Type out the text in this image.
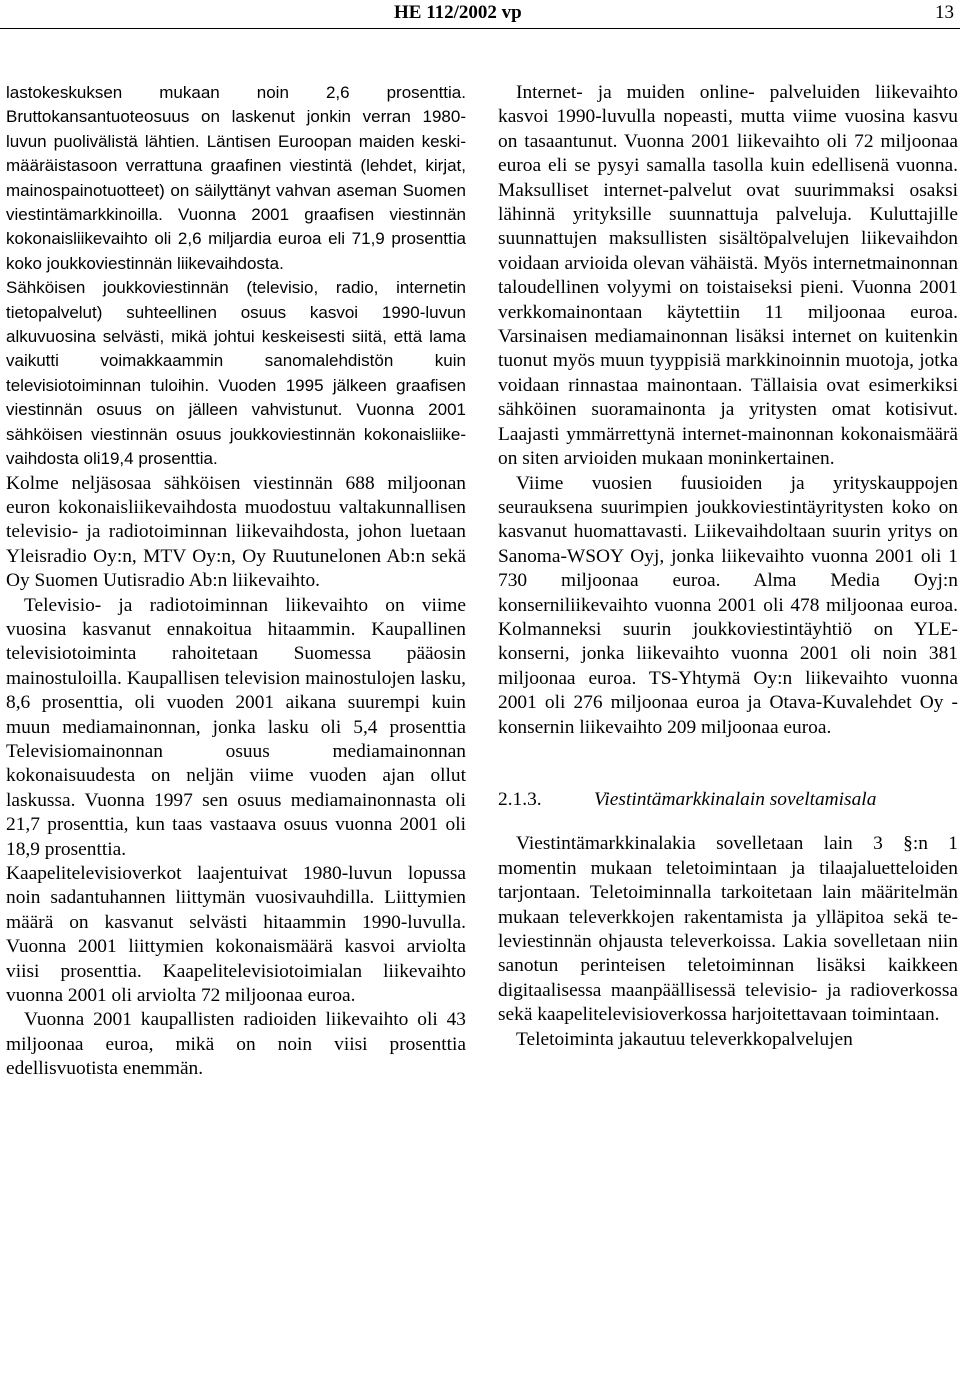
HE 112/2002 vp	13

lastokeskuksen mukaan noin 2,6 prosenttia. Bruttokansantuoteosuus on laskenut jonkin verran 1980-luvun puolivälistä lähtien. Läntisen Euroopan maiden keskimääräistasoon verrattuna graafinen viestintä (lehdet, kirjat, mainospainotuotteet) on säilyttänyt vahvan aseman Suomen viestintämarkkinoilla. Vuonna 2001 graafisen viestinnän kokonaisliikevaihto oli 2,6 miljardia euroa eli 71,9 prosenttia koko joukkoviestinnän liikevaihdosta.

Sähköisen joukkoviestinnän (televisio, radio, internetin tietopalvelut) suhteellinen osuus kasvoi 1990-luvun alkuvuosina selvästi, mikä johtui keskeisesti siitä, että lama vaikutti voimakkaammin sanomalehdistön kuin televisiotoiminnan tuloihin. Vuoden 1995 jälkeen graafisen viestinnän osuus on jälleen vahvistunut. Vuonna 2001 sähköisen viestinnän osuus joukkoviestinnän kokonaisliikevaihdosta oli19,4 prosenttia.

Kolme neljäsosaa sähköisen viestinnän 688 miljoonan euron kokonaisliikevaihdosta muodostuu valtakunnallisen televisio- ja radiotoiminnan liikevaihdosta, johon luetaan Yleisradio Oy:n, MTV Oy:n, Oy Ruutunelonen Ab:n sekä Oy Suomen Uutisradio Ab:n liikevaihto.

Televisio- ja radiotoiminnan liikevaihto on viime vuosina kasvanut ennakoitua hitaammin. Kaupallinen televisiotoiminta rahoitetaan Suomessa pääosin mainostuloilla. Kaupallisen television mainostulojen lasku, 8,6 prosenttia, oli vuoden 2001 aikana suurempi kuin muun mediamainonnan, jonka lasku oli 5,4 prosenttia Televisiomainonnan osuus mediamainonnan kokonaisuudesta on neljän viime vuoden ajan ollut laskussa. Vuonna 1997 sen osuus mediamainonnasta oli 21,7 prosenttia, kun taas vastaava osuus vuonna 2001 oli 18,9 prosenttia.

Kaapelitelevisioverkot laajentuivat 1980-luvun lopussa noin sadantuhannen liittymän vuosivauhdilla. Liittymien määrä on kasvanut selvästi hitaammin 1990-luvulla. Vuonna 2001 liittymien kokonaismäärä kasvoi arviolta viisi prosenttia. Kaapelitelevisiotoimialan liikevaihto vuonna 2001 oli arviolta 72 miljoonaa euroa.

Vuonna 2001 kaupallisten radioiden liikevaihto oli 43 miljoonaa euroa, mikä on noin viisi prosenttia edellisvuotista enemmän.

Internet- ja muiden online- palveluiden liikevaihto kasvoi 1990-luvulla nopeasti, mutta viime vuosina kasvu on tasaantunut. Vuonna 2001 liikevaihto oli 72 miljoonaa euroa eli se pysyi samalla tasolla kuin edellisenä vuonna. Maksulliset internet-palvelut ovat suurimmaksi osaksi lähinnä yrityksille suunnattuja palveluja. Kuluttajille suunnattujen maksullisten sisältöpalvelujen liikevaihdon voidaan arvioida olevan vähäistä. Myös internetmainonnan taloudellinen volyymi on toistaiseksi pieni. Vuonna 2001 verkkomainontaan käytettiin 11 miljoonaa euroa. Varsinaisen mediamainonnan lisäksi internet on kuitenkin tuonut myös muun tyyppisiä markkinoinnin muotoja, jotka voidaan rinnastaa mainontaan. Tällaisia ovat esimerkiksi sähköinen suoramainonta ja yritysten omat kotisivut. Laajasti ymmärrettynä internet-mainonnan kokonaismäärä on siten arvioiden mukaan moninkertainen.

Viime vuosien fuusioiden ja yrityskauppojen seurauksena suurimpien joukkoviestintäyritysten koko on kasvanut huomattavasti. Liikevaihdoltaan suurin yritys on Sanoma-WSOY Oyj, jonka liikevaihto vuonna 2001 oli 1 730 miljoonaa euroa. Alma Media Oyj:n konserniliikevaihto vuonna 2001 oli 478 miljoonaa euroa. Kolmanneksi suurin joukkoviestintäyhtiö on YLE-konserni, jonka liikevaihto vuonna 2001 oli noin 381 miljoonaa euroa. TS-Yhtymä Oy:n liikevaihto vuonna 2001 oli 276 miljoonaa euroa ja Otava-Kuvalehdet Oy -konsernin liikevaihto 209 miljoonaa euroa.

2.1.3.	Viestintämarkkinalain soveltamisala

Viestintämarkkinalakia sovelletaan lain 3 §:n 1 momentin mukaan teletoimintaan ja tilaajaluetteloiden tarjontaan. Teletoiminnalla tarkoitetaan lain määritelmän mukaan televerkkojen rakentamista ja ylläpitoa sekä televiestinnän ohjausta televerkoissa. Lakia sovelletaan niin sanotun perinteisen teletoiminnan lisäksi kaikkeen digitaalisessa maanpäällisessä televisio- ja radioverkossa sekä kaapelitelevisioverkossa harjoitettavaan toimintaan.

Teletoiminta jakautuu televerkkopalvelujen
